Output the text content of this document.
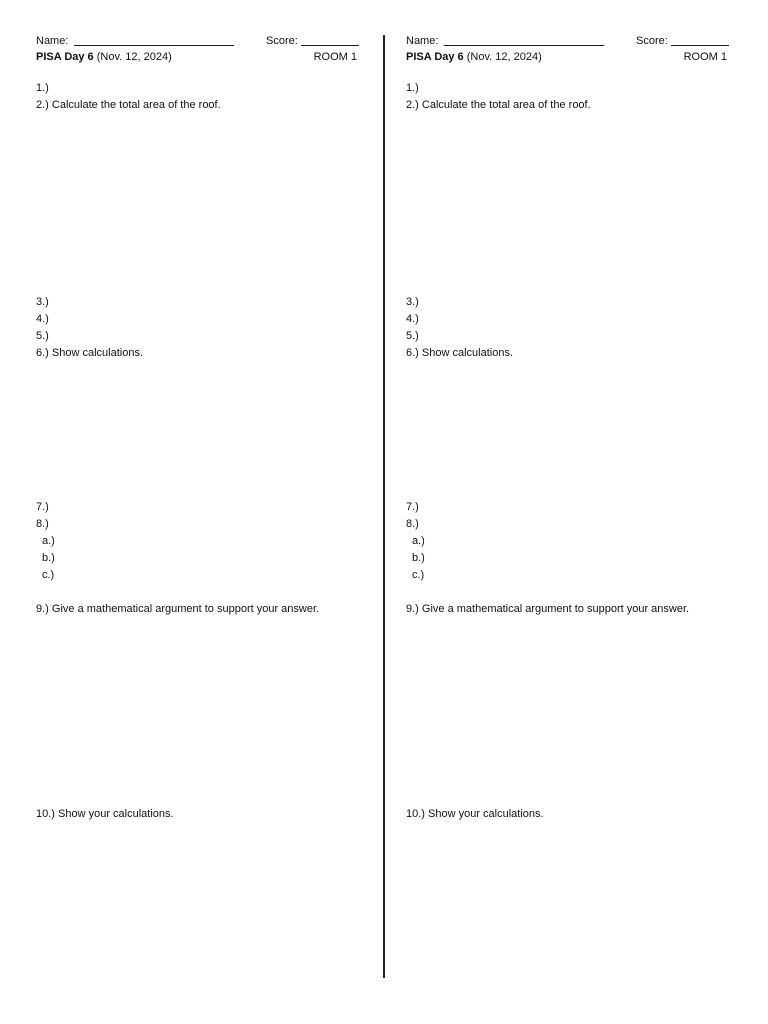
Name:	Score:
PISA Day 6 (Nov. 12, 2024)	ROOM 1
1.)
2.) Calculate the total area of the roof.
3.)
4.)
5.)
6.) Show calculations.
7.)
8.)
a.)
b.)
c.)
9.) Give a mathematical argument to support your answer.
10.) Show your calculations.
Name:	Score:
PISA Day 6 (Nov. 12, 2024)	ROOM 1
1.)
2.) Calculate the total area of the roof.
3.)
4.)
5.)
6.) Show calculations.
7.)
8.)
a.)
b.)
c.)
9.) Give a mathematical argument to support your answer.
10.) Show your calculations.
